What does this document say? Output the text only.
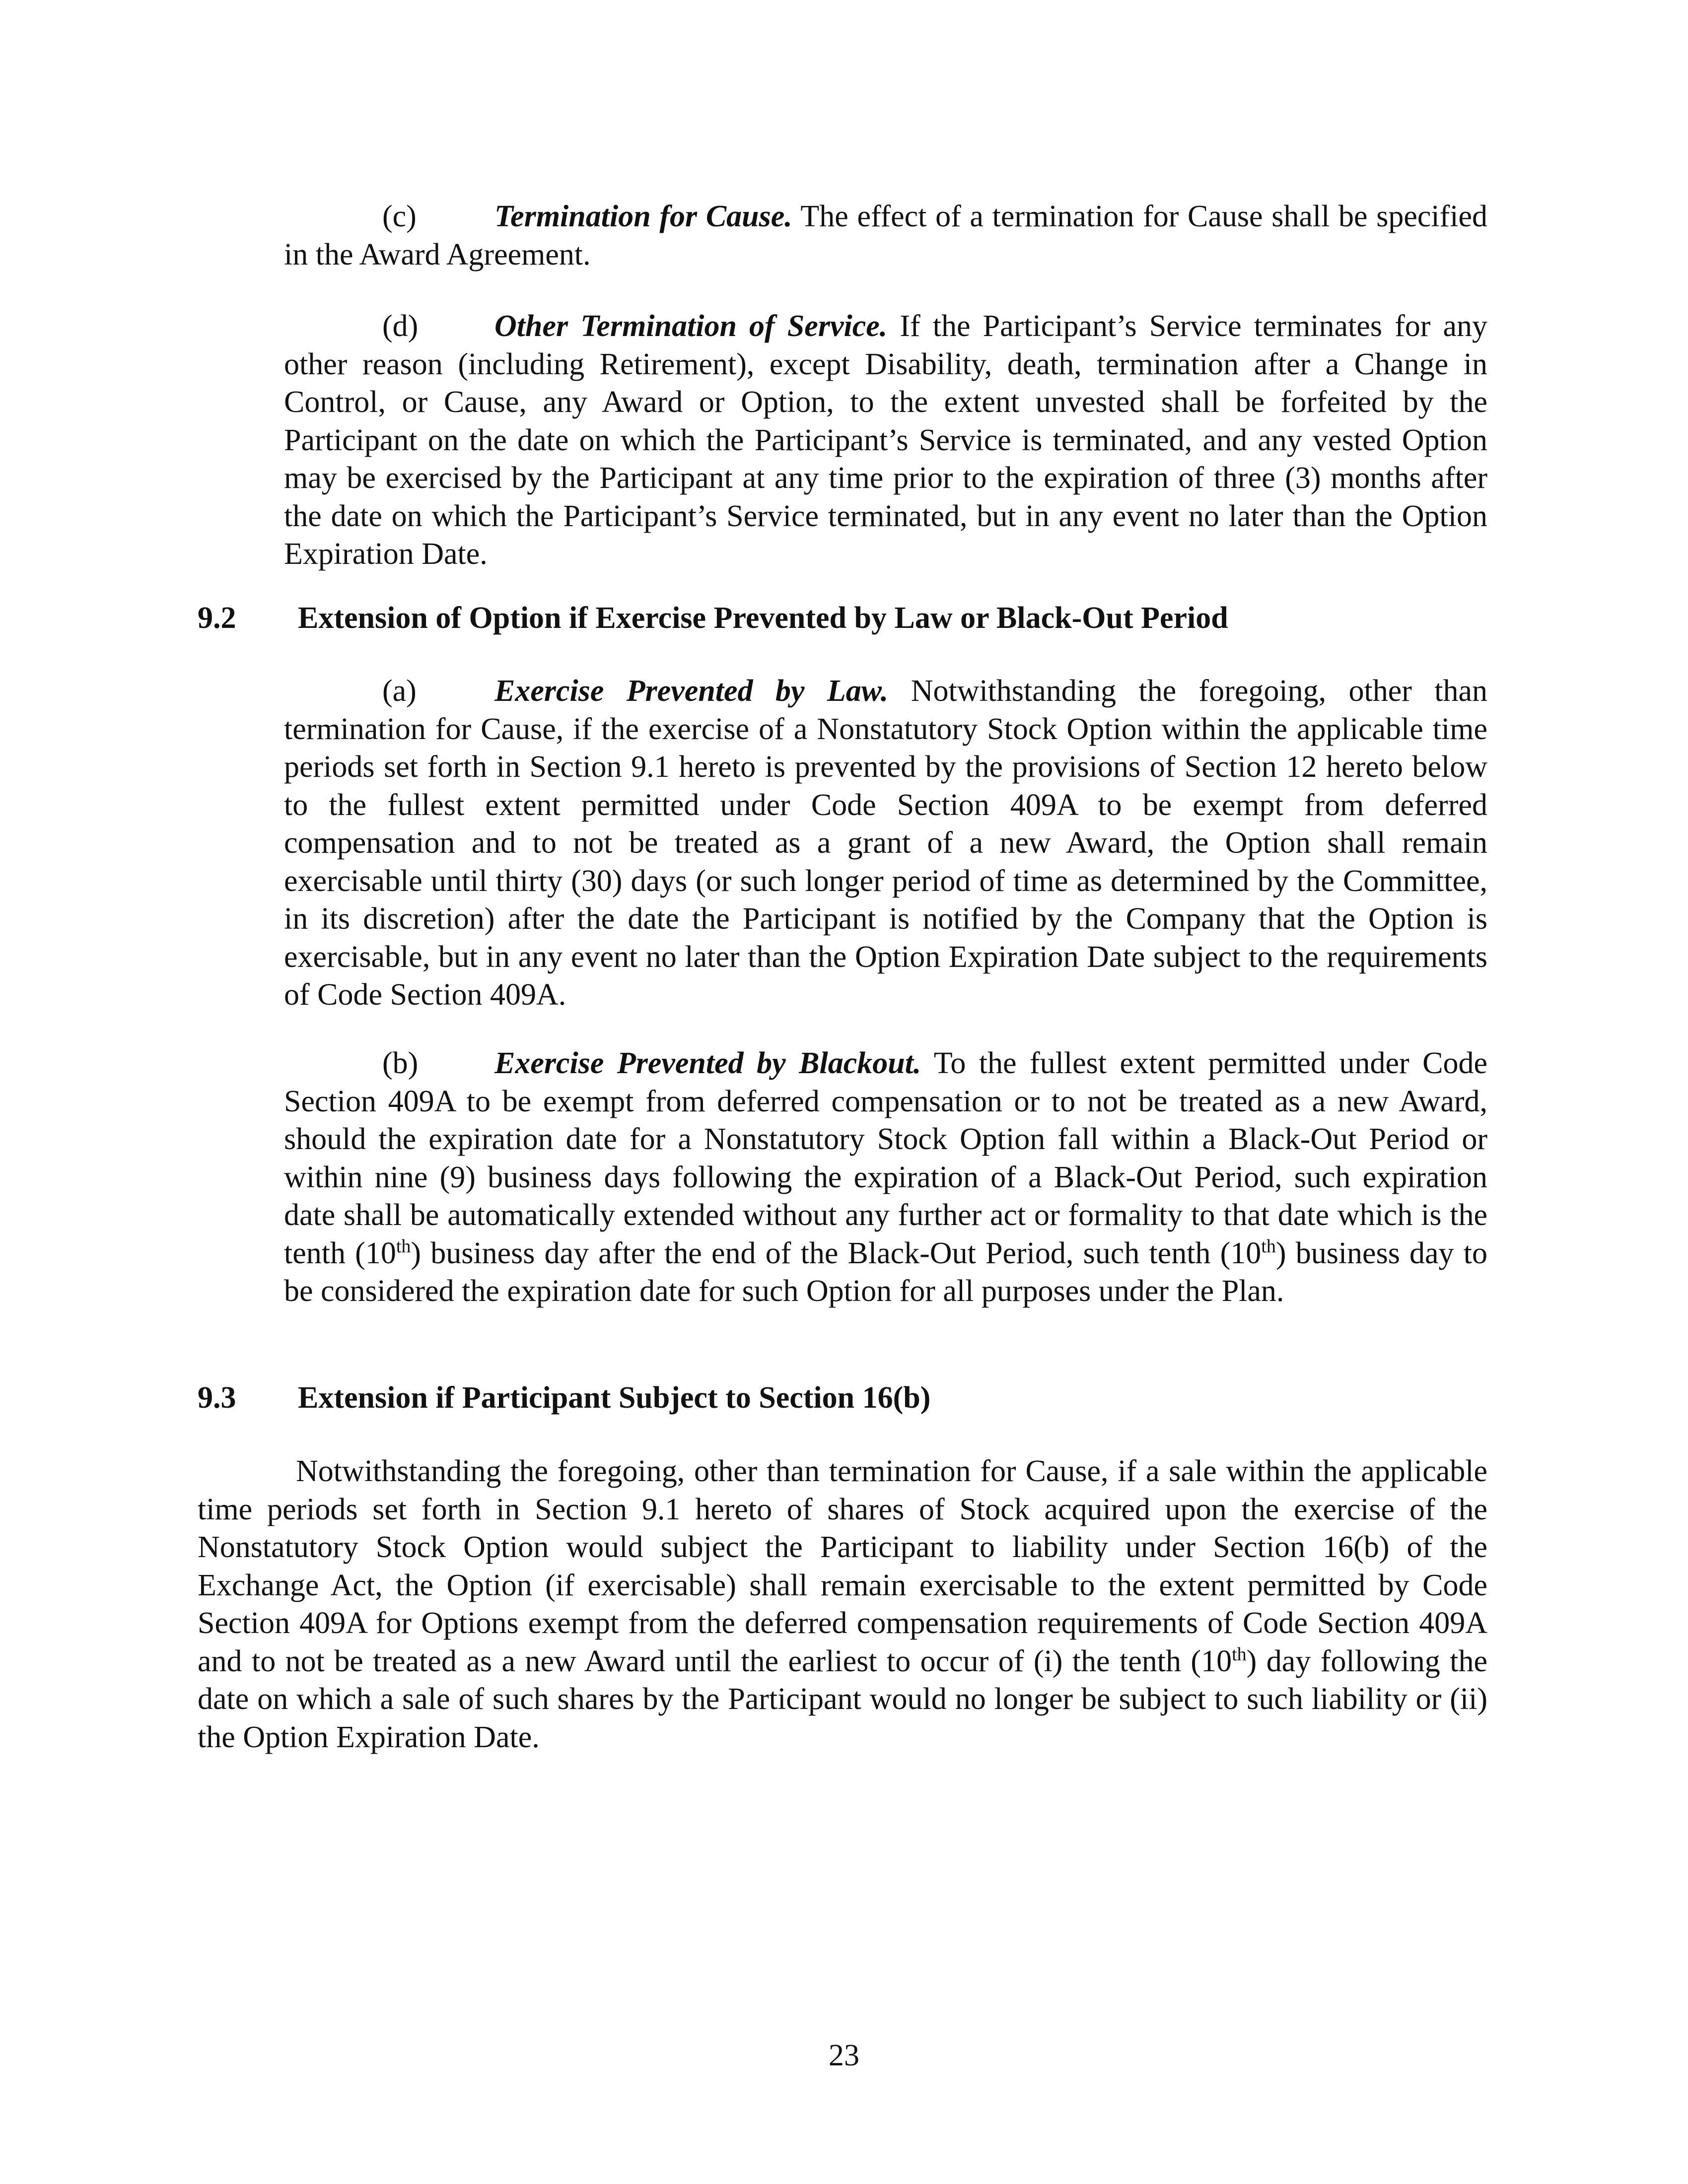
(c)	Termination for Cause. The effect of a termination for Cause shall be specified in the Award Agreement.

(d) Other Termination of Service. If the Participant’s Service terminates for any other reason (including Retirement), except Disability, death, termination after a Change in Control, or Cause, any Award or Option, to the extent unvested shall be forfeited by the Participant on the date on which the Participant’s Service is terminated, and any vested Option may be exercised by the Participant at any time prior to the expiration of three (3) months after the date on which the Participant’s Service terminated, but in any event no later than the Option Expiration Date.

9.2 Extension of Option if Exercise Prevented by Law or Black-Out Period

(a)	Exercise Prevented by Law. Notwithstanding the foregoing, other than termination for Cause, if the exercise of a Nonstatutory Stock Option within the applicable time periods set forth in Section 9.1 hereto is prevented by the provisions of Section 12 hereto below to the fullest extent permitted under Code Section 409A to be exempt from deferred compensation and to not be treated as a grant of a new Award, the Option shall remain exercisable until thirty (30) days (or such longer period of time as determined by the Committee, in its discretion) after the date the Participant is notified by the Company that the Option is exercisable, but in any event no later than the Option Expiration Date subject to the requirements of Code Section 409A.

(b) Exercise Prevented by Blackout. To the fullest extent permitted under Code Section 409A to be exempt from deferred compensation or to not be treated as a new Award, should the expiration date for a Nonstatutory Stock Option fall within a Black-Out Period or within nine (9) business days following the expiration of a Black-Out Period, such expiration date shall be automatically extended without any further act or formality to that date which is the tenth (10th) business day after the end of the Black-Out Period, such tenth (10th) business day to be considered the expiration date for such Option for all purposes under the Plan.

9.3 Extension if Participant Subject to Section 16(b)

Notwithstanding the foregoing, other than termination for Cause, if a sale within the applicable time periods set forth in Section 9.1 hereto of shares of Stock acquired upon the exercise of the Nonstatutory Stock Option would subject the Participant to liability under Section 16(b) of the Exchange Act, the Option (if exercisable) shall remain exercisable to the extent permitted by Code Section 409A for Options exempt from the deferred compensation requirements of Code Section 409A and to not be treated as a new Award until the earliest to occur of (i) the tenth (10th) day following the date on which a sale of such shares by the Participant would no longer be subject to such liability or (ii) the Option Expiration Date.

23
